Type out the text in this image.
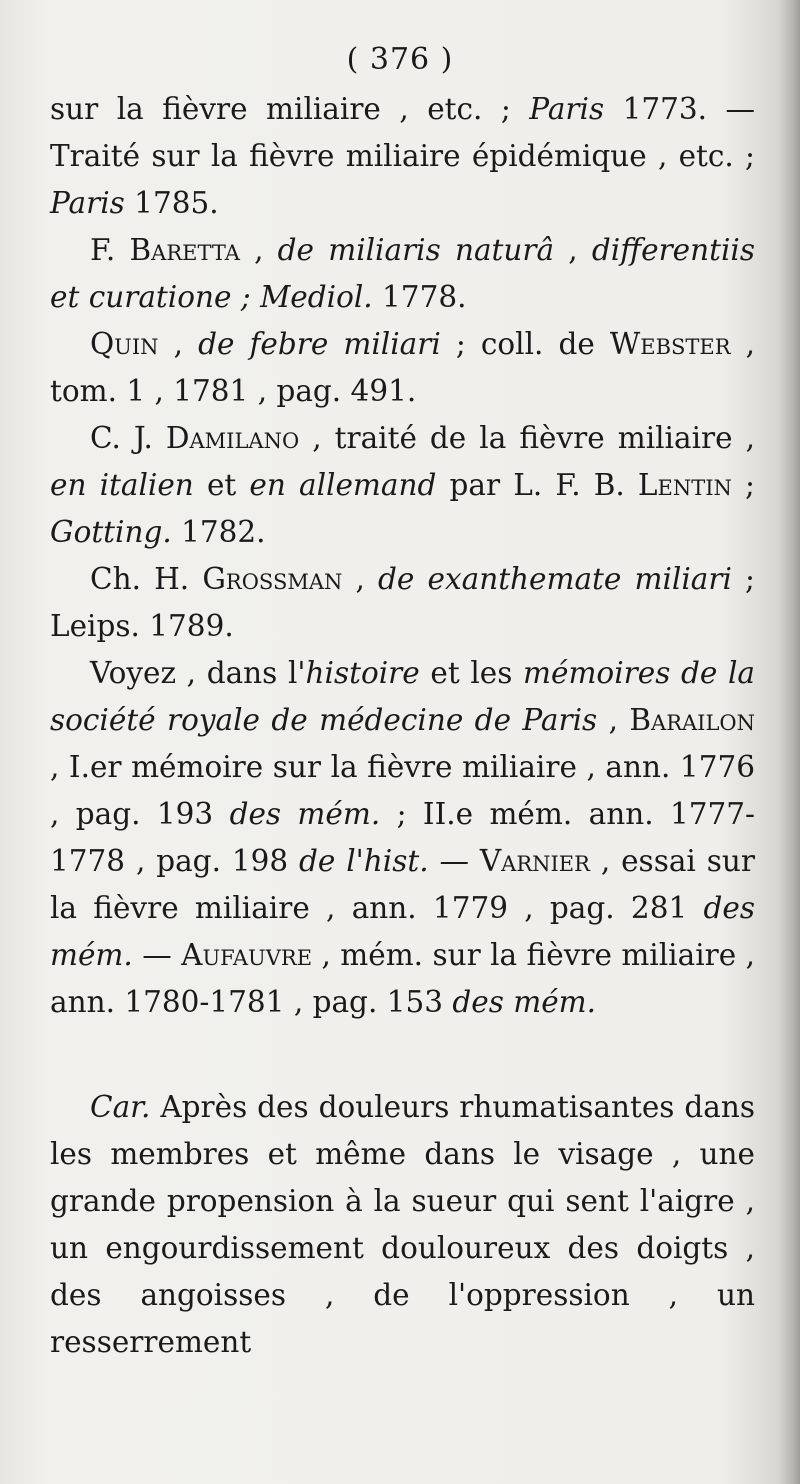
( 376 )

sur la fièvre miliaire , etc. ; Paris 1773. — Traité sur la fièvre miliaire épidémique , etc. ; Paris 1785.

F. Baretta , de miliaris naturâ , differentiis et curatione ; Mediol. 1778.

Quin , de febre miliari ; coll. de Webster , tom. 1 , 1781 , pag. 491.

C. J. Damilano , traité de la fièvre miliaire , en italien et en allemand par L. F. B. Lentin ; Gotting. 1782.

Ch. H. Grossman , de exanthemate miliari ; Leips. 1789.

Voyez , dans l'histoire et les mémoires de la société royale de médecine de Paris , Barailon , I.er mémoire sur la fièvre miliaire , ann. 1776 , pag. 193 des mém. ; II.e mém. ann. 1777-1778 , pag. 198 de l'hist. — Varnier , essai sur la fièvre miliaire , ann. 1779 , pag. 281 des mém. — Aufauvre , mém. sur la fièvre miliaire , ann. 1780-1781 , pag. 153 des mém.

Car. Après des douleurs rhumatisantes dans les membres et même dans le visage , une grande propension à la sueur qui sent l'aigre , un engourdissement douloureux des doigts , des angoisses , de l'oppression , un resserrement
